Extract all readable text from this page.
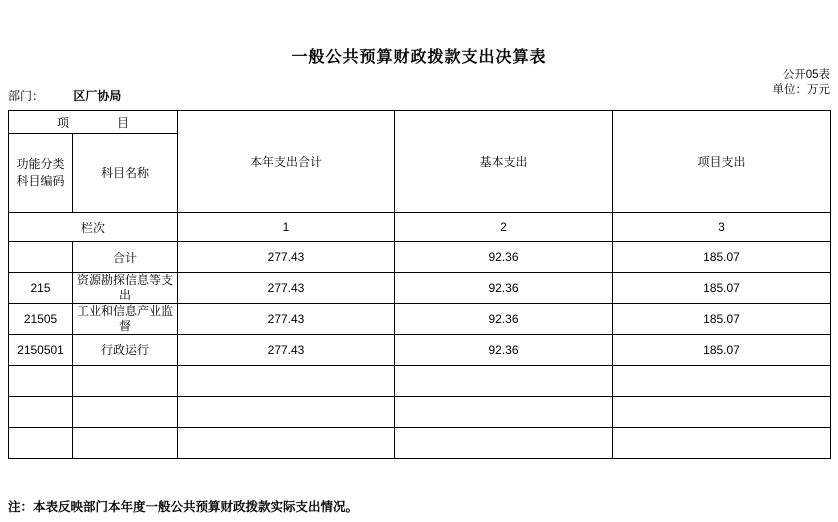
一般公共预算财政拨款支出决算表
公开05表
单位：万元
部门： 区厂协局
项　　目		本年支出合计	基本支出	项目支出

功能分类
科目编码	科目名称			
栏次		1	2	3
	合计	277.43	92.36	185.07
215	资源勘探信息等支出	277.43	92.36	185.07
21505	工业和信息产业监督	277.43	92.36	185.07
2150501	行政运行	277.43	92.36	185.07

注：本表反映部门本年度一般公共预算财政拨款实际支出情况。
